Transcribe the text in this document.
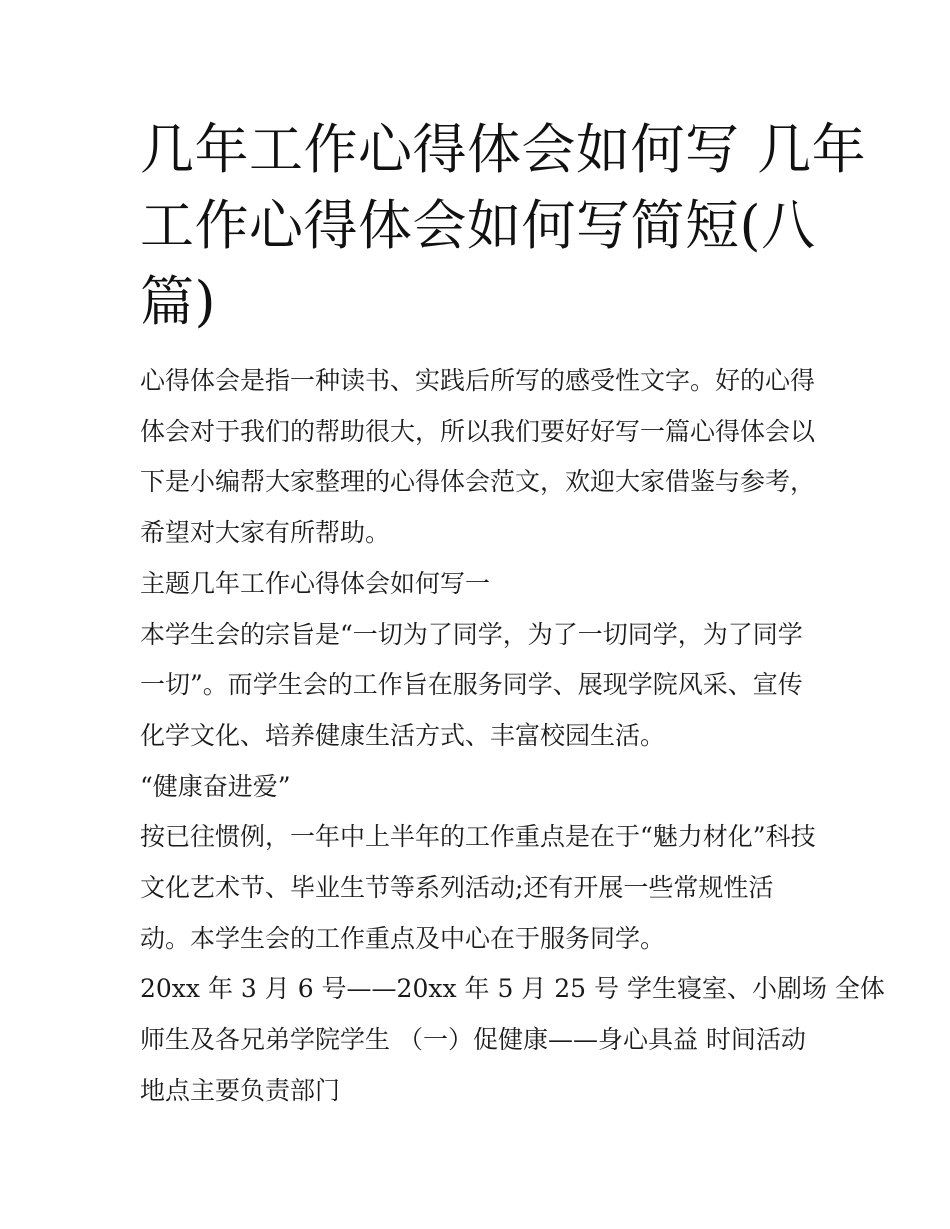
几年工作心得体会如何写 几年
工作心得体会如何写简短(八
篇)
心得体会是指一种读书、实践后所写的感受性文字。好的心得
体会对于我们的帮助很大，所以我们要好好写一篇心得体会以
下是小编帮大家整理的心得体会范文，欢迎大家借鉴与参考，
希望对大家有所帮助。
主题几年工作心得体会如何写一
本学生会的宗旨是“一切为了同学，为了一切同学，为了同学
一切”。而学生会的工作旨在服务同学、展现学院风采、宣传
化学文化、培养健康生活方式、丰富校园生活。
“健康奋进爱”
按已往惯例，一年中上半年的工作重点是在于“魅力材化”科技
文化艺术节、毕业生节等系列活动;还有开展一些常规性活
动。本学生会的工作重点及中心在于服务同学。
20xx 年 3 月 6 号——20xx 年 5 月 25 号 学生寝室、小剧场 全体
师生及各兄弟学院学生 （一）促健康——身心具益 时间活动
地点主要负责部门
